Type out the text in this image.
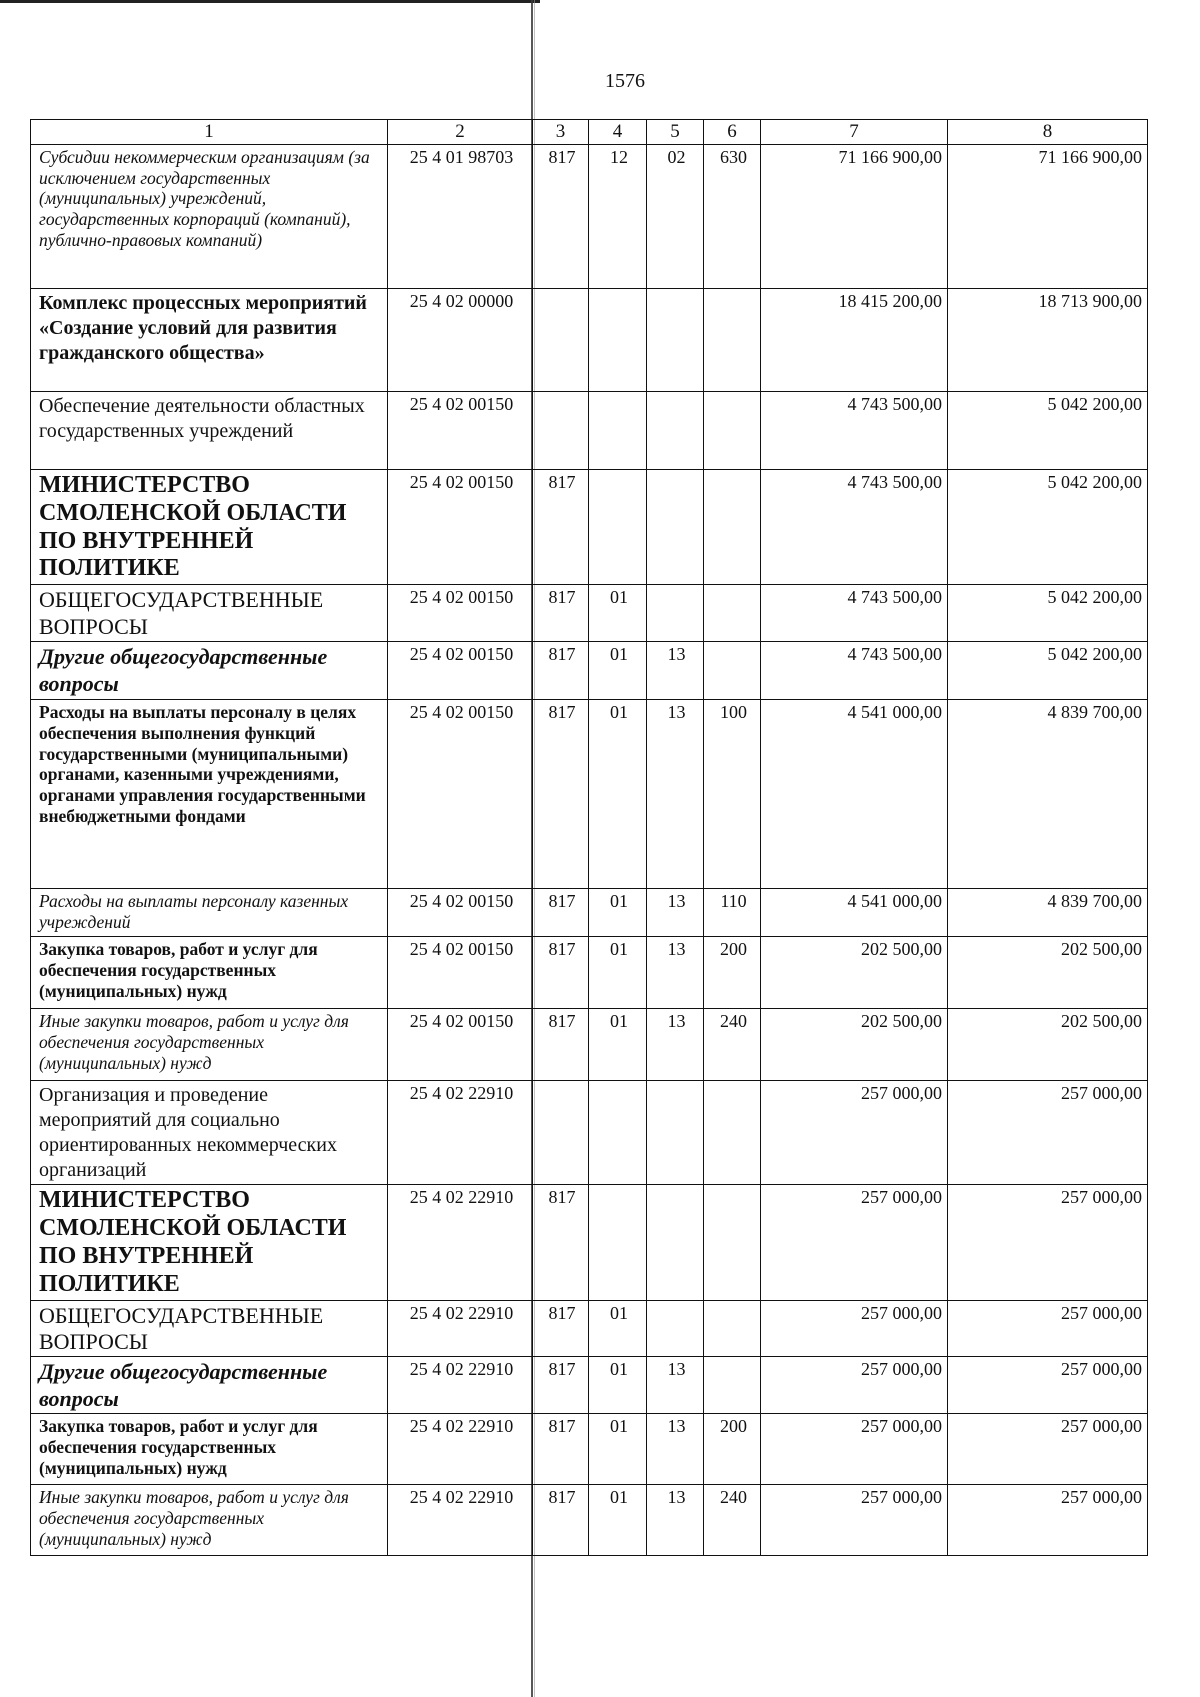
1576
1	2	3	4	5	6	7	8
Субсидии некоммерческим организациям (за исключением государственных (муниципальных) учреждений, государственных корпораций (компаний), публично-правовых компаний)	25 4 01 98703	817	12	02	630	71 166 900,00	71 166 900,00
Комплекс процессных мероприятий «Создание условий для развития гражданского общества»	25 4 02 00000					18 415 200,00	18 713 900,00
Обеспечение деятельности областных государственных учреждений	25 4 02 00150					4 743 500,00	5 042 200,00
МИНИСТЕРСТВО СМОЛЕНСКОЙ ОБЛАСТИ ПО ВНУТРЕННЕЙ ПОЛИТИКЕ	25 4 02 00150	817				4 743 500,00	5 042 200,00
ОБЩЕГОСУДАРСТВЕННЫЕ ВОПРОСЫ	25 4 02 00150	817	01			4 743 500,00	5 042 200,00
Другие общегосударственные вопросы	25 4 02 00150	817	01	13		4 743 500,00	5 042 200,00
Расходы на выплаты персоналу в целях обеспечения выполнения функций государственными (муниципальными) органами, казенными учреждениями, органами управления государственными внебюджетными фондами	25 4 02 00150	817	01	13	100	4 541 000,00	4 839 700,00
Расходы на выплаты персоналу казенных учреждений	25 4 02 00150	817	01	13	110	4 541 000,00	4 839 700,00
Закупка товаров, работ и услуг для обеспечения государственных (муниципальных) нужд	25 4 02 00150	817	01	13	200	202 500,00	202 500,00
Иные закупки товаров, работ и услуг для обеспечения государственных (муниципальных) нужд	25 4 02 00150	817	01	13	240	202 500,00	202 500,00
Организация и проведение мероприятий для социально ориентированных некоммерческих организаций	25 4 02 22910					257 000,00	257 000,00
МИНИСТЕРСТВО СМОЛЕНСКОЙ ОБЛАСТИ ПО ВНУТРЕННЕЙ ПОЛИТИКЕ	25 4 02 22910	817				257 000,00	257 000,00
ОБЩЕГОСУДАРСТВЕННЫЕ ВОПРОСЫ	25 4 02 22910	817	01			257 000,00	257 000,00
Другие общегосударственные вопросы	25 4 02 22910	817	01	13		257 000,00	257 000,00
Закупка товаров, работ и услуг для обеспечения государственных (муниципальных) нужд	25 4 02 22910	817	01	13	200	257 000,00	257 000,00
Иные закупки товаров, работ и услуг для обеспечения государственных (муниципальных) нужд	25 4 02 22910	817	01	13	240	257 000,00	257 000,00
